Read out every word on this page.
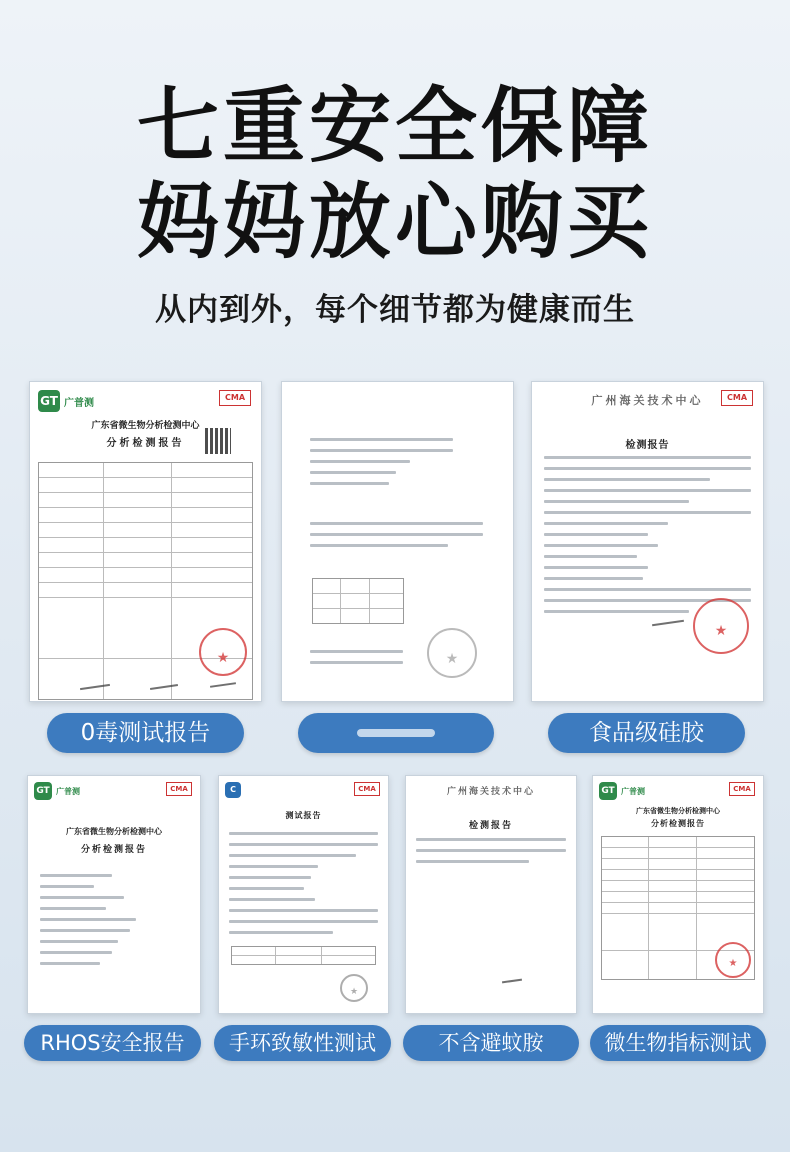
七重安全保障
妈妈放心购买
从内到外，每个细节都为健康而生
GT 广普测
CMA
广东省微生物分析检测中心
分析检测报告
★	★
广州海关技术中心	CMA
检测报告
★
0毒测试报告	食品级硅胶
GT 广普测	CMA
广东省微生物分析检测中心
分析检测报告
C	CMA
测试报告
★
广州海关技术中心
检测报告
GT 广普测	CMA
广东省微生物分析检测中心
分析检测报告
★
RHOS安全报告	手环致敏性测试	不含避蚊胺	微生物指标测试
